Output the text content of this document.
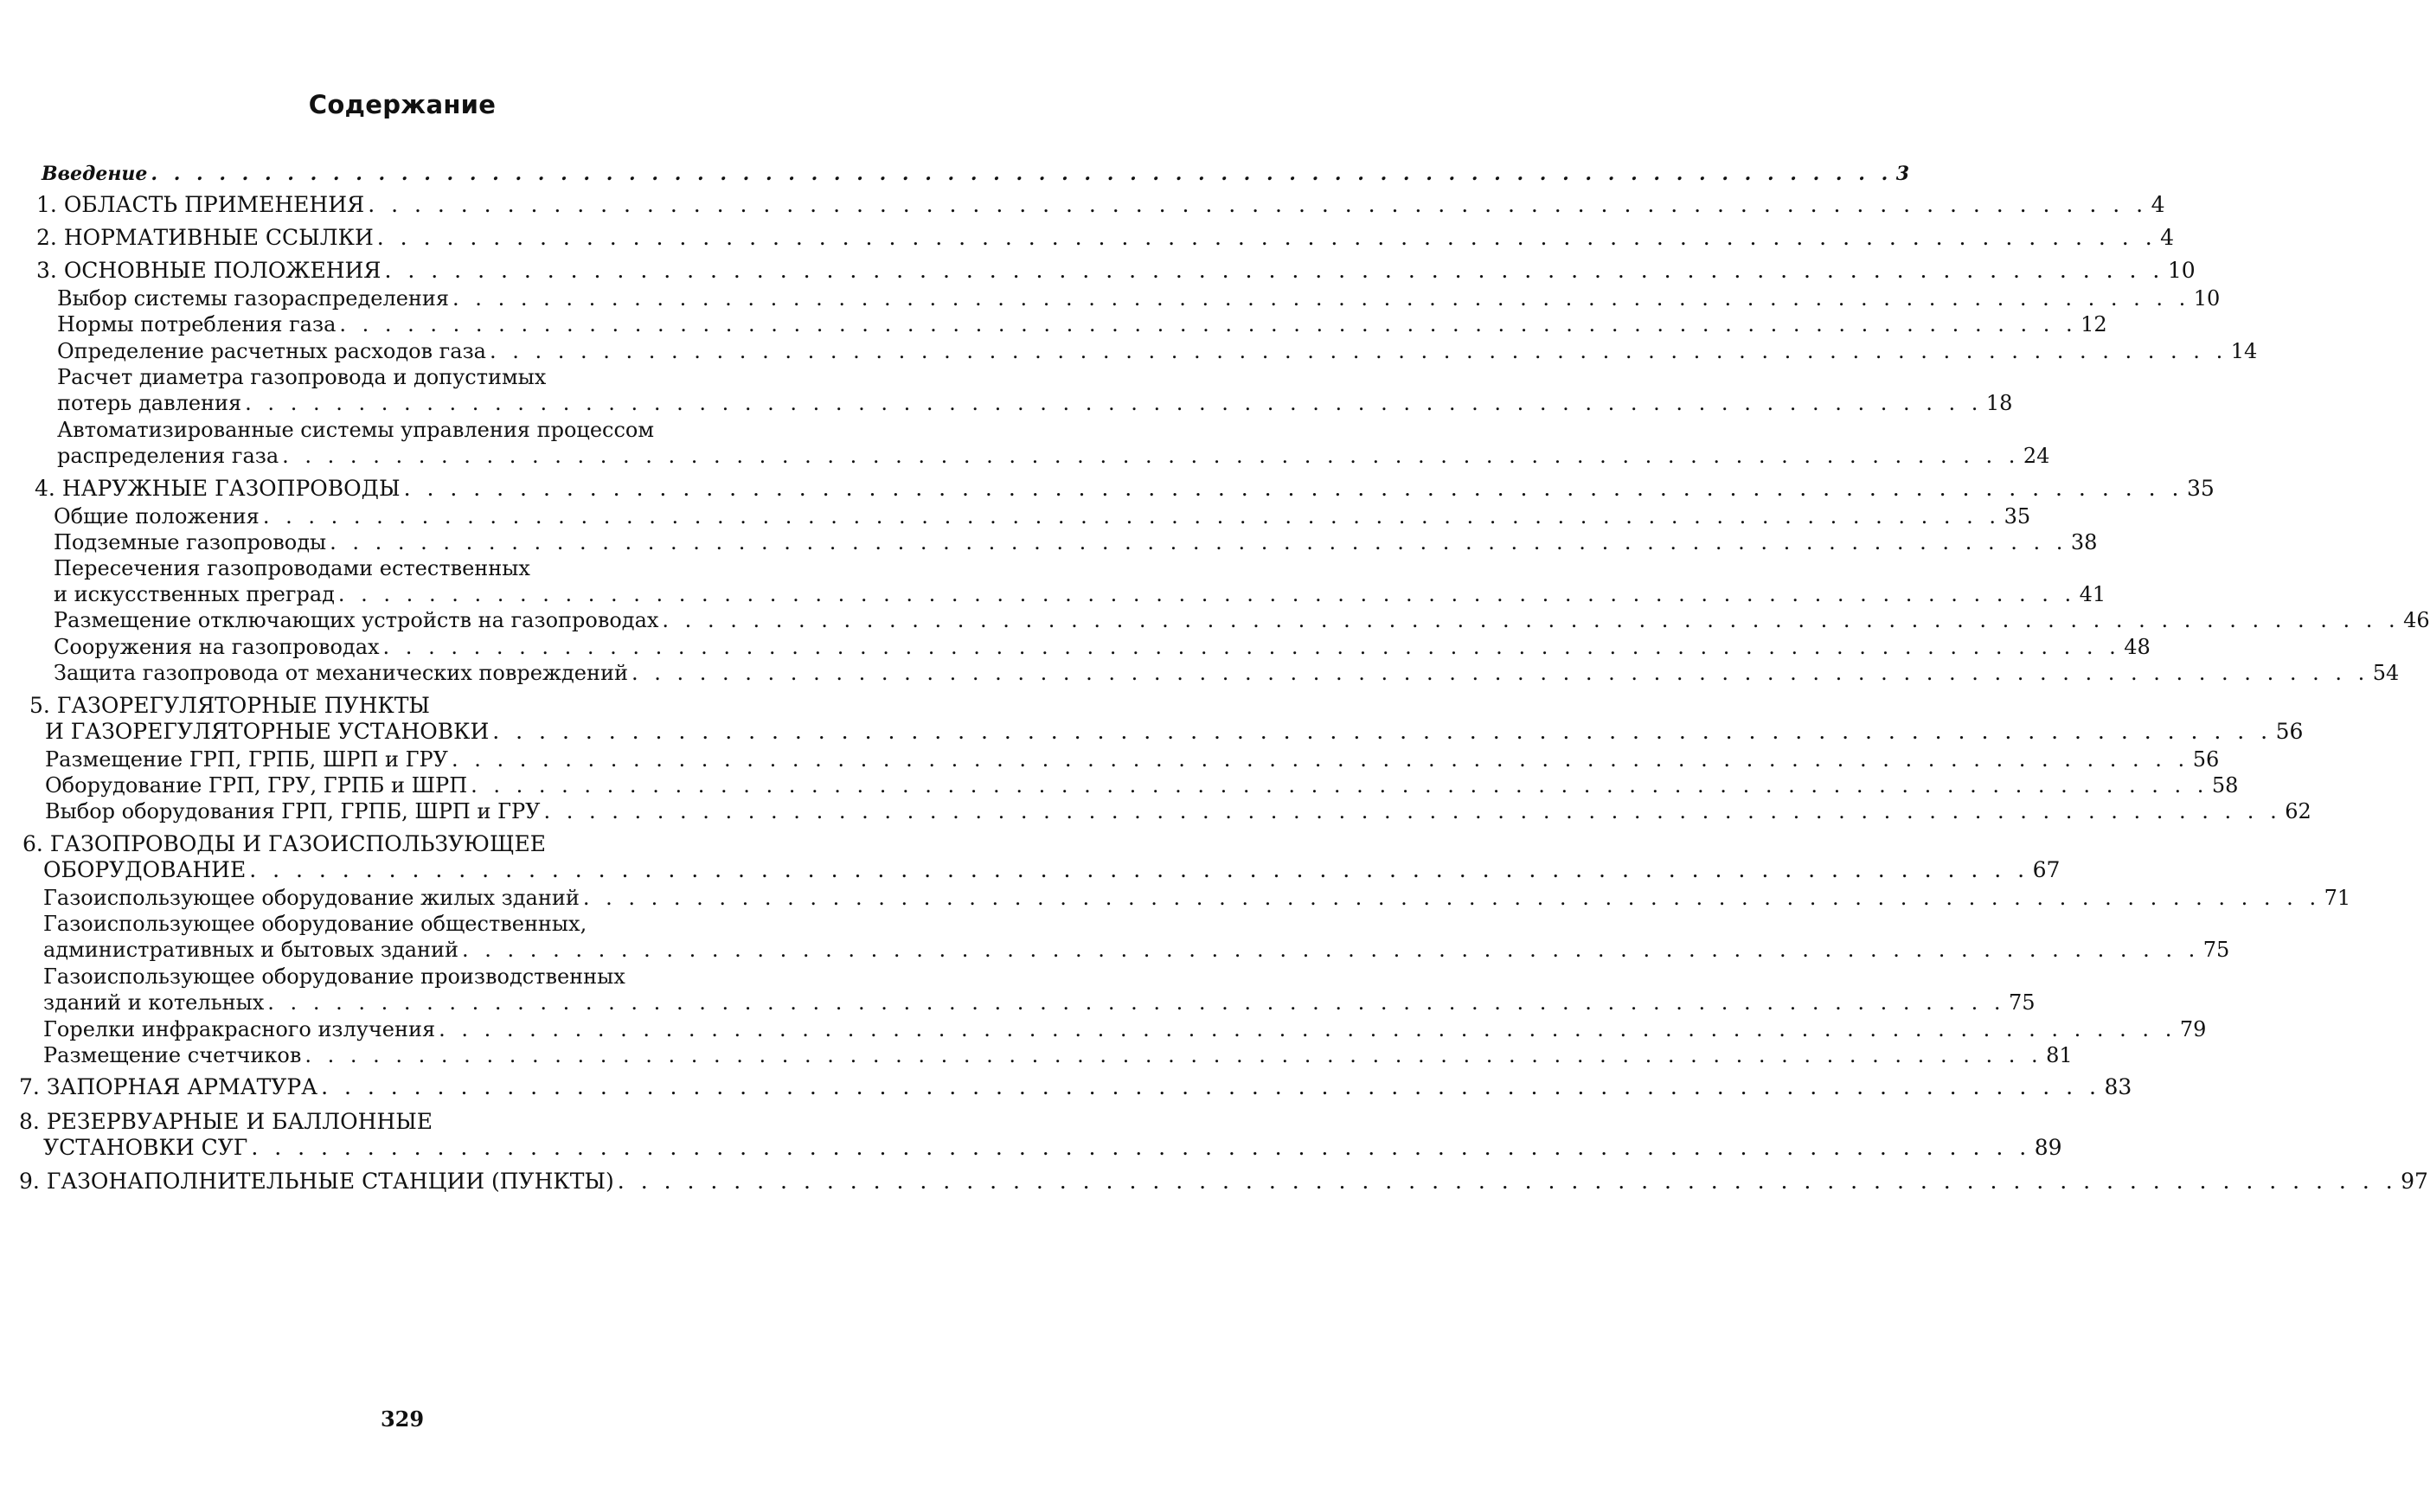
Содержание
Введение . . . . . . . . . . . . . . . . . . . . . . . . . . . . . . . . . . . . . . . . . . . . . . . . . . . . . . . . . . . . . . . . . . . . . . . . . . . . . 3
1. ОБЛАСТЬ ПРИМЕНЕНИЯ . . . . . . . . . . . . . . . . . . . . . . . . . . . . . . . . . . . . . . . . . . . . . . . . . . . . . . . . . . . . . . . . . . . . . . . . . . . . . 4
2. НОРМАТИВНЫЕ ССЫЛКИ . . . . . . . . . . . . . . . . . . . . . . . . . . . . . . . . . . . . . . . . . . . . . . . . . . . . . . . . . . . . . . . . . . . . . . . . . . . . . 4
3. ОСНОВНЫЕ ПОЛОЖЕНИЯ . . . . . . . . . . . . . . . . . . . . . . . . . . . . . . . . . . . . . . . . . . . . . . . . . . . . . . . . . . . . . . . . . . . . . . . . . . . . . 10
Выбор системы газораспределения . . . . . . . . . . . . . . . . . . . . . . . . . . . . . . . . . . . . . . . . . . . . . . . . . . . . . . . . . . . . . . . . . . . . . . . . . . . . . 10
Нормы потребления газа . . . . . . . . . . . . . . . . . . . . . . . . . . . . . . . . . . . . . . . . . . . . . . . . . . . . . . . . . . . . . . . . . . . . . . . . . . . . . 12
Определение расчетных расходов газа . . . . . . . . . . . . . . . . . . . . . . . . . . . . . . . . . . . . . . . . . . . . . . . . . . . . . . . . . . . . . . . . . . . . . . . . . . . . . 14
Расчет диаметра газопровода и допустимых
потерь давления . . . . . . . . . . . . . . . . . . . . . . . . . . . . . . . . . . . . . . . . . . . . . . . . . . . . . . . . . . . . . . . . . . . . . . . . . . . . . 18
Автоматизированные системы управления процессом
распределения газа . . . . . . . . . . . . . . . . . . . . . . . . . . . . . . . . . . . . . . . . . . . . . . . . . . . . . . . . . . . . . . . . . . . . . . . . . . . . . 24
4. НАРУЖНЫЕ ГАЗОПРОВОДЫ . . . . . . . . . . . . . . . . . . . . . . . . . . . . . . . . . . . . . . . . . . . . . . . . . . . . . . . . . . . . . . . . . . . . . . . . . . . . . 35
Общие положения . . . . . . . . . . . . . . . . . . . . . . . . . . . . . . . . . . . . . . . . . . . . . . . . . . . . . . . . . . . . . . . . . . . . . . . . . . . . . 35
Подземные газопроводы . . . . . . . . . . . . . . . . . . . . . . . . . . . . . . . . . . . . . . . . . . . . . . . . . . . . . . . . . . . . . . . . . . . . . . . . . . . . . 38
Пересечения газопроводами естественных
и искусственных преград . . . . . . . . . . . . . . . . . . . . . . . . . . . . . . . . . . . . . . . . . . . . . . . . . . . . . . . . . . . . . . . . . . . . . . . . . . . . . 41
Размещение отключающих устройств на газопроводах . . . . . . . . . . . . . . . . . . . . . . . . . . . . . . . . . . . . . . . . . . . . . . . . . . . . . . . . . . . . . . . . . . . . . . . . . . . . . 46
Сооружения на газопроводах . . . . . . . . . . . . . . . . . . . . . . . . . . . . . . . . . . . . . . . . . . . . . . . . . . . . . . . . . . . . . . . . . . . . . . . . . . . . . 48
Защита газопровода от механических повреждений . . . . . . . . . . . . . . . . . . . . . . . . . . . . . . . . . . . . . . . . . . . . . . . . . . . . . . . . . . . . . . . . . . . . . . . . . . . . . 54
5. ГАЗОРЕГУЛЯТОРНЫЕ ПУНКТЫ
И ГАЗОРЕГУЛЯТОРНЫЕ УСТАНОВКИ . . . . . . . . . . . . . . . . . . . . . . . . . . . . . . . . . . . . . . . . . . . . . . . . . . . . . . . . . . . . . . . . . . . . . . . . . . . . . 56
Размещение ГРП, ГРПБ, ШРП и ГРУ . . . . . . . . . . . . . . . . . . . . . . . . . . . . . . . . . . . . . . . . . . . . . . . . . . . . . . . . . . . . . . . . . . . . . . . . . . . . . 56
Оборудование ГРП, ГРУ, ГРПБ и ШРП . . . . . . . . . . . . . . . . . . . . . . . . . . . . . . . . . . . . . . . . . . . . . . . . . . . . . . . . . . . . . . . . . . . . . . . . . . . . . 58
Выбор оборудования ГРП, ГРПБ, ШРП и ГРУ . . . . . . . . . . . . . . . . . . . . . . . . . . . . . . . . . . . . . . . . . . . . . . . . . . . . . . . . . . . . . . . . . . . . . . . . . . . . . 62
6. ГАЗОПРОВОДЫ И ГАЗОИСПОЛЬЗУЮЩЕЕ
ОБОРУДОВАНИЕ . . . . . . . . . . . . . . . . . . . . . . . . . . . . . . . . . . . . . . . . . . . . . . . . . . . . . . . . . . . . . . . . . . . . . . . . . . . . . 67
Газоиспользующее оборудование жилых зданий . . . . . . . . . . . . . . . . . . . . . . . . . . . . . . . . . . . . . . . . . . . . . . . . . . . . . . . . . . . . . . . . . . . . . . . . . . . . . 71
Газоиспользующее оборудование общественных,
административных и бытовых зданий . . . . . . . . . . . . . . . . . . . . . . . . . . . . . . . . . . . . . . . . . . . . . . . . . . . . . . . . . . . . . . . . . . . . . . . . . . . . . 75
Газоиспользующее оборудование производственных
зданий и котельных . . . . . . . . . . . . . . . . . . . . . . . . . . . . . . . . . . . . . . . . . . . . . . . . . . . . . . . . . . . . . . . . . . . . . . . . . . . . . 75
Горелки инфракрасного излучения . . . . . . . . . . . . . . . . . . . . . . . . . . . . . . . . . . . . . . . . . . . . . . . . . . . . . . . . . . . . . . . . . . . . . . . . . . . . . 79
Размещение счетчиков . . . . . . . . . . . . . . . . . . . . . . . . . . . . . . . . . . . . . . . . . . . . . . . . . . . . . . . . . . . . . . . . . . . . . . . . . . . . . 81
7. ЗАПОРНАЯ АРМАТУРА . . . . . . . . . . . . . . . . . . . . . . . . . . . . . . . . . . . . . . . . . . . . . . . . . . . . . . . . . . . . . . . . . . . . . . . . . . . . . 83
8. РЕЗЕРВУАРНЫЕ И БАЛЛОННЫЕ
УСТАНОВКИ СУГ . . . . . . . . . . . . . . . . . . . . . . . . . . . . . . . . . . . . . . . . . . . . . . . . . . . . . . . . . . . . . . . . . . . . . . . . . . . . . 89
9. ГАЗОНАПОЛНИТЕЛЬНЫЕ СТАНЦИИ (ПУНКТЫ) . . . . . . . . . . . . . . . . . . . . . . . . . . . . . . . . . . . . . . . . . . . . . . . . . . . . . . . . . . . . . . . . . . . . . . . . . . . . . 97
329
